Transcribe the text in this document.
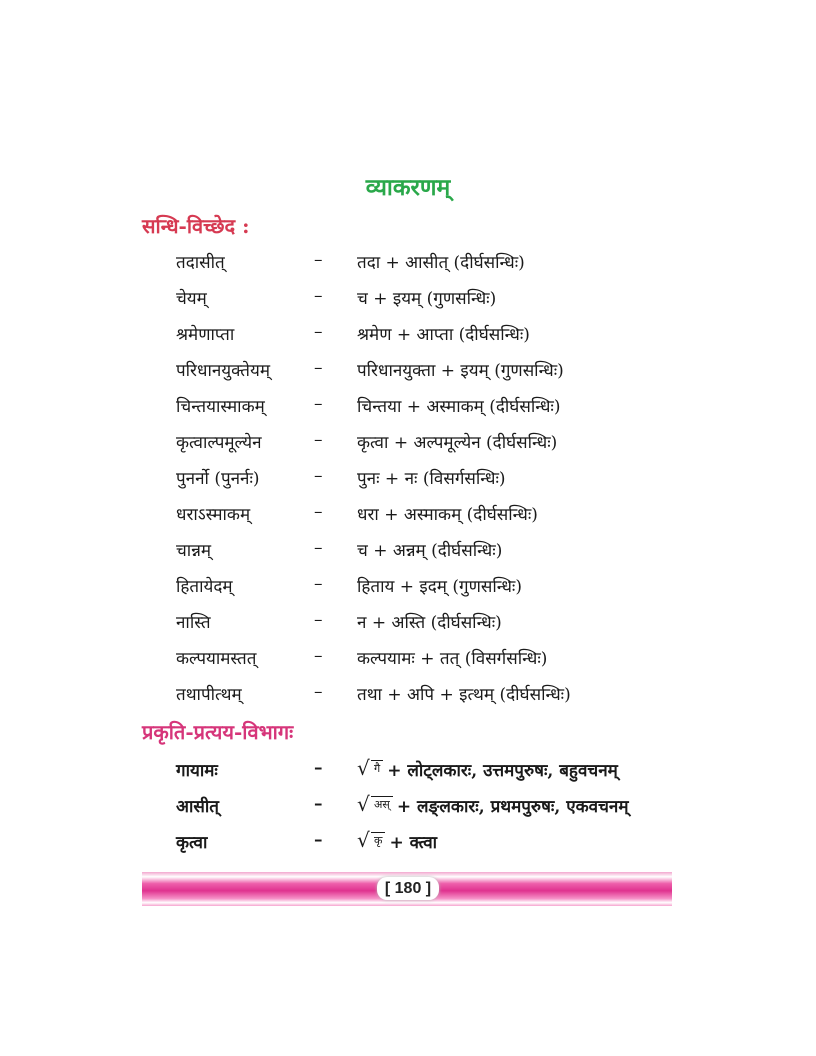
व्याकरणम्
सन्धि-विच्छेद :
तदासीत्	– तदा + आसीत् (दीर्घसन्धिः)
चेयम्	– च + इयम् (गुणसन्धिः)
श्रमेणाप्ता	– श्रमेण + आप्ता (दीर्घसन्धिः)
परिधानयुक्तेयम्	– परिधानयुक्ता + इयम् (गुणसन्धिः)
चिन्तयास्माकम्	– चिन्तया + अस्माकम् (दीर्घसन्धिः)
कृत्वाल्पमूल्येन	– कृत्वा + अल्पमूल्येन (दीर्घसन्धिः)
पुनर्नो (पुनर्नः)	– पुनः + नः (विसर्गसन्धिः)
धराऽस्माकम्	– धरा + अस्माकम् (दीर्घसन्धिः)
चान्नम्	– च + अन्नम् (दीर्घसन्धिः)
हितायेदम्	– हिताय + इदम् (गुणसन्धिः)
नास्ति	– न + अस्ति (दीर्घसन्धिः)
कल्पयामस्तत्	– कल्पयामः + तत् (विसर्गसन्धिः)
तथापीत्थम्	– तथा + अपि + इत्थम् (दीर्घसन्धिः)
प्रकृति-प्रत्यय-विभागः
गायामः	– √ गै + लोट्लकारः, उत्तमपुरुषः, बहुवचनम्
आसीत्	– √ अस् + लङ्लकारः, प्रथमपुरुषः, एकवचनम्
कृत्वा	– √ कृ + क्त्वा
[ 180 ]
